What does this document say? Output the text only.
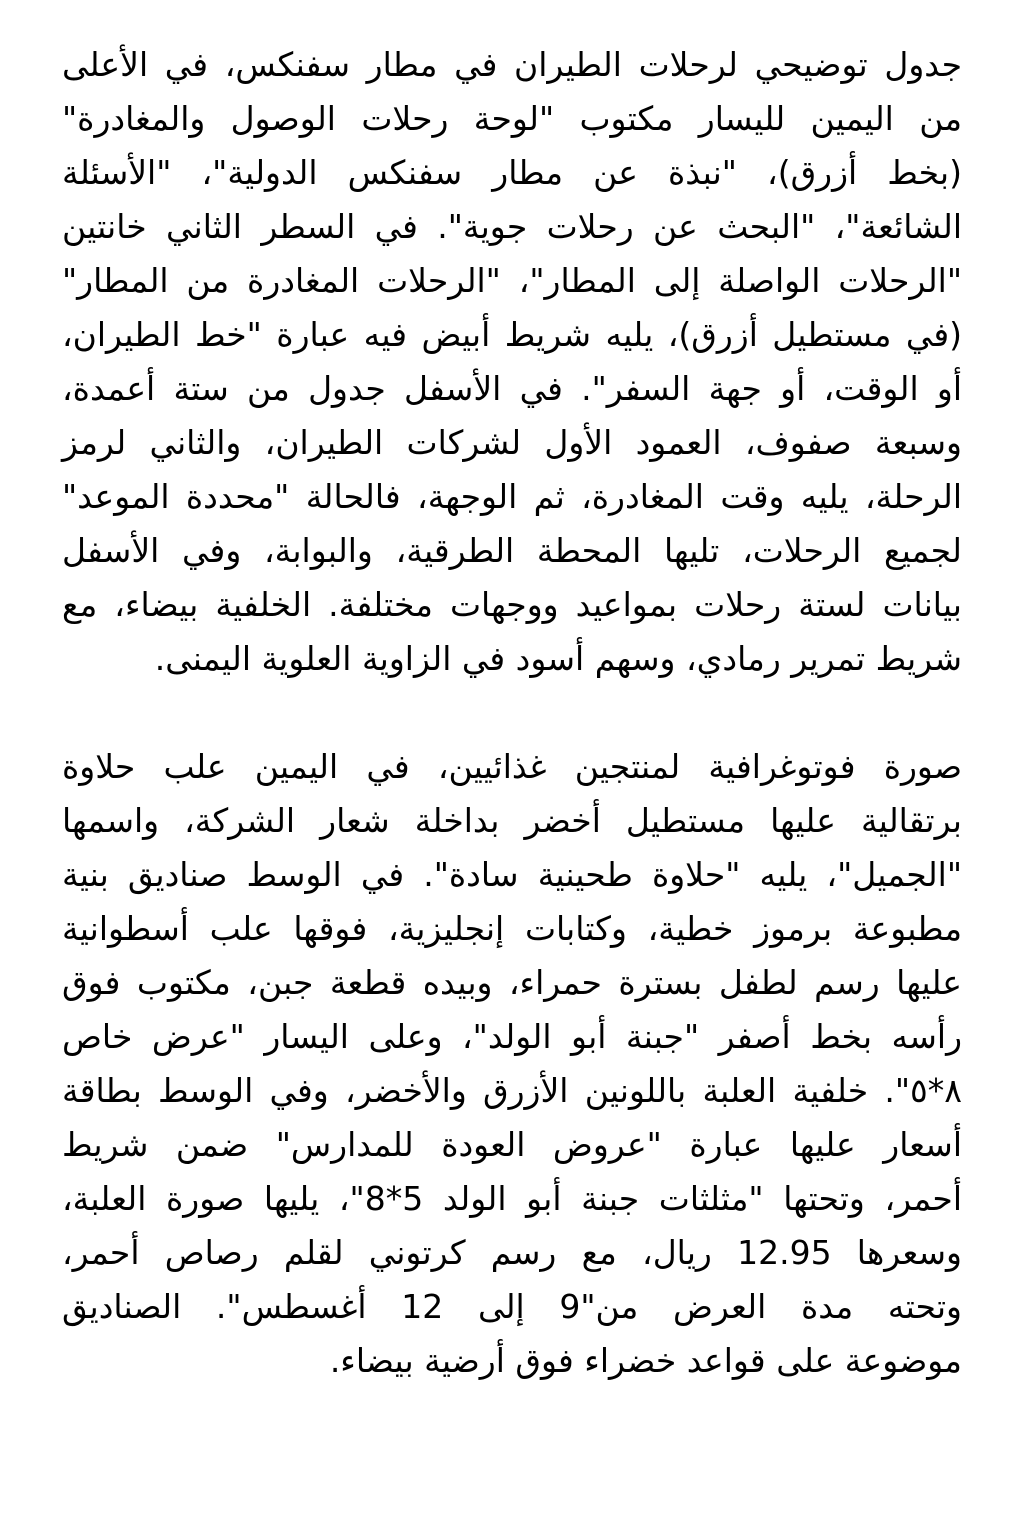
جدول توضيحي لرحلات الطيران في مطار سفنكس، في الأعلى
من اليمين لليسار مكتوب "لوحة رحلات الوصول والمغادرة"
(بخط أزرق)، "نبذة عن مطار سفنكس الدولية"، "الأسئلة
الشائعة"، "البحث عن رحلات جوية". في السطر الثاني خانتين
"الرحلات الواصلة إلى المطار"، "الرحلات المغادرة من المطار"
(في مستطيل أزرق)، يليه شريط أبيض فيه عبارة "خط الطيران،
أو الوقت، أو جهة السفر". في الأسفل جدول من ستة أعمدة،
وسبعة صفوف، العمود الأول لشركات الطيران، والثاني لرمز
الرحلة، يليه وقت المغادرة، ثم الوجهة، فالحالة "محددة الموعد"
لجميع الرحلات، تليها المحطة الطرقية، والبوابة، وفي الأسفل
بيانات لستة رحلات بمواعيد ووجهات مختلفة. الخلفية بيضاء، مع
شريط تمرير رمادي، وسهم أسود في الزاوية العلوية اليمنى.
صورة فوتوغرافية لمنتجين غذائيين، في اليمين علب حلاوة
برتقالية عليها مستطيل أخضر بداخلة شعار الشركة، واسمها
"الجميل"، يليه "حلاوة طحينية سادة". في الوسط صناديق بنية
مطبوعة برموز خطية، وكتابات إنجليزية، فوقها علب أسطوانية
عليها رسم لطفل بسترة حمراء، وبيده قطعة جبن، مكتوب فوق
رأسه بخط أصفر "جبنة أبو الولد"، وعلى اليسار "عرض خاص
٨*٥". خلفية العلبة باللونين الأزرق والأخضر، وفي الوسط بطاقة
أسعار عليها عبارة "عروض العودة للمدارس" ضمن شريط
أحمر، وتحتها "مثلثات جبنة أبو الولد 5*8"، يليها صورة العلبة،
وسعرها 12.95 ريال، مع رسم كرتوني لقلم رصاص أحمر،
وتحته مدة العرض من"9 إلى 12 أغسطس". الصناديق
موضوعة على قواعد خضراء فوق أرضية بيضاء.
